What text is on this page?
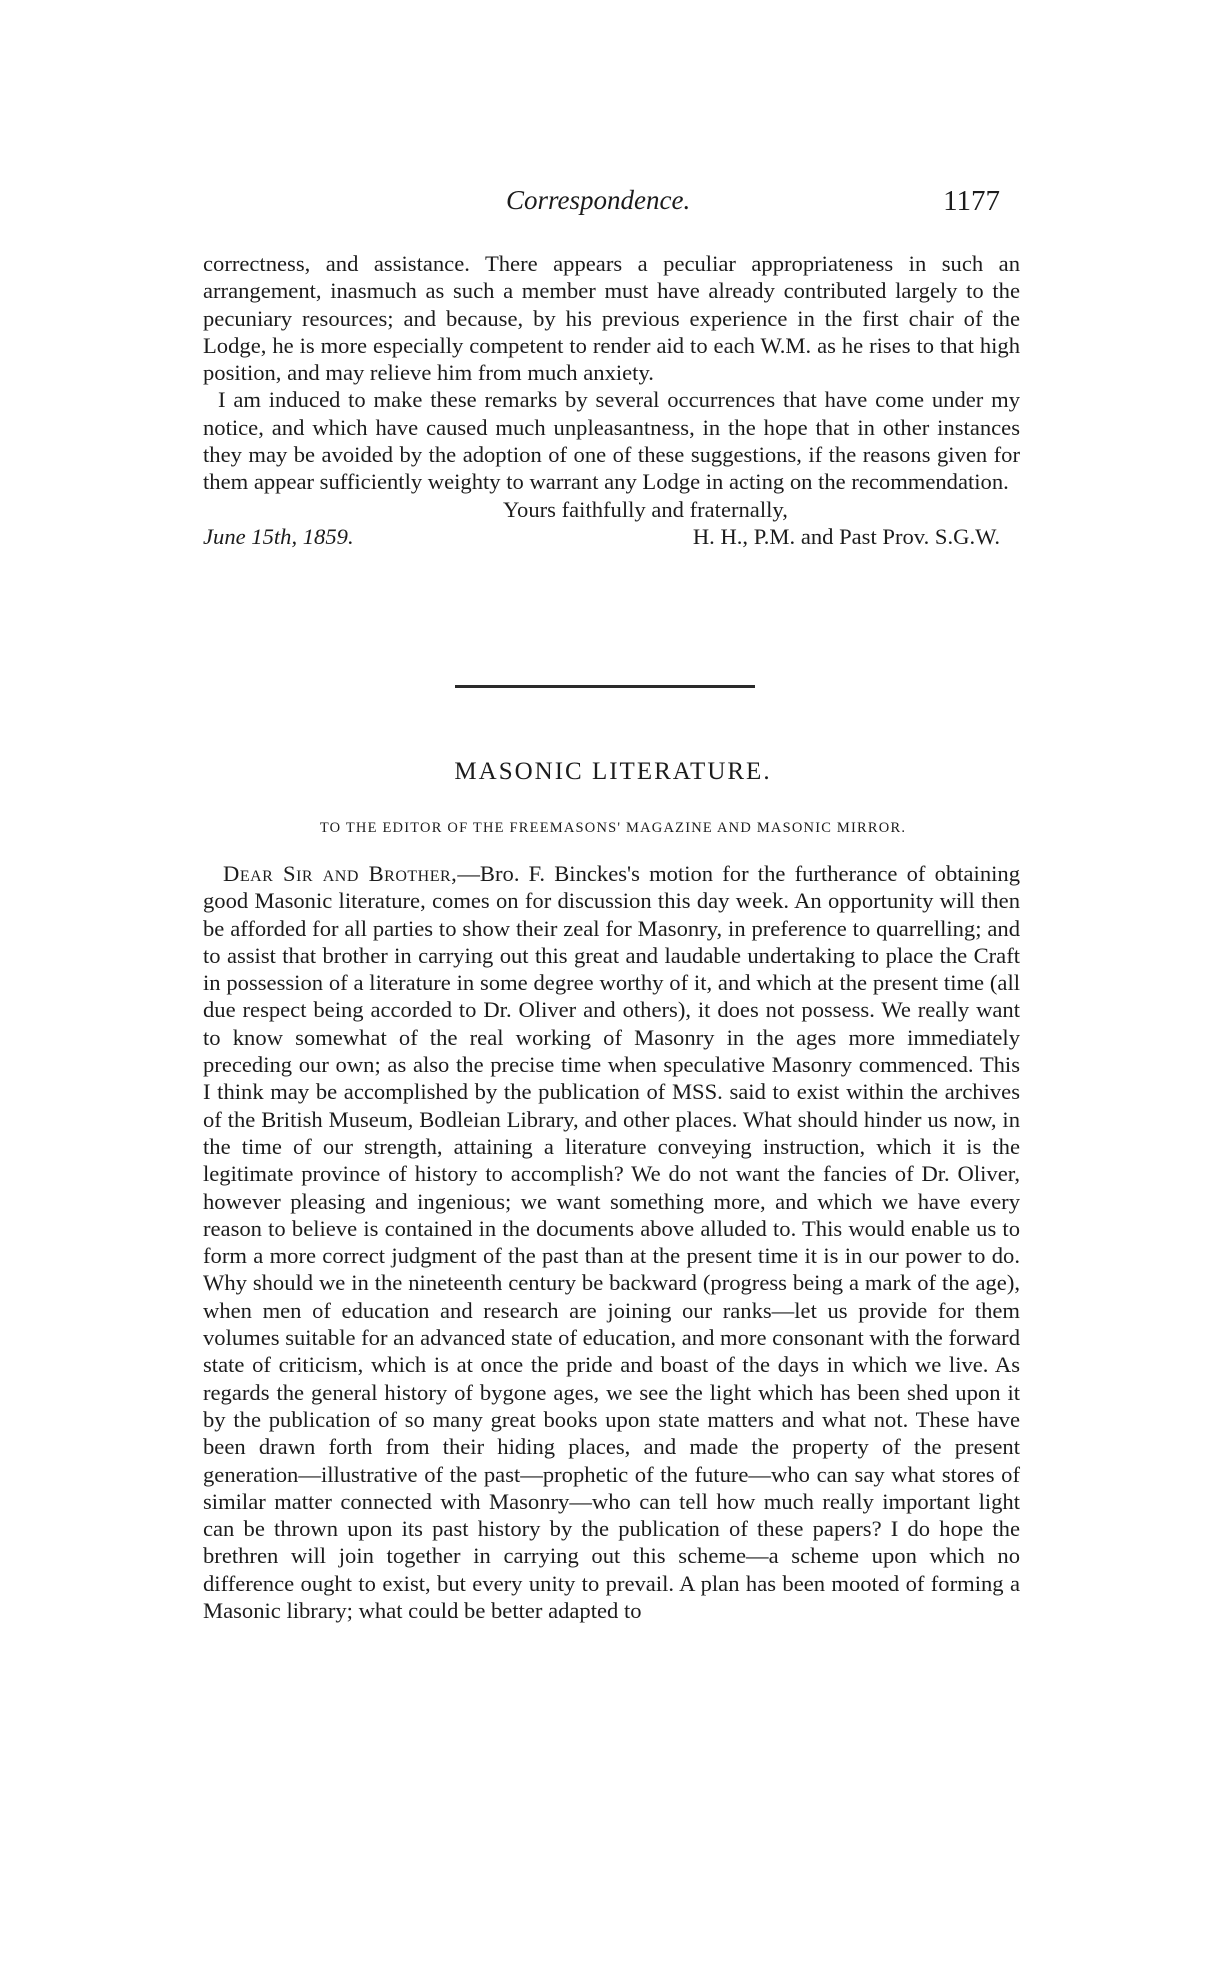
Correspondence.	1177

correctness, and assistance. There appears a peculiar appropriateness in such an arrangement, inasmuch as such a member must have already contributed largely to the pecuniary resources; and because, by his previous experience in the first chair of the Lodge, he is more especially competent to render aid to each W.M. as he rises to that high position, and may relieve him from much anxiety.

I am induced to make these remarks by several occurrences that have come under my notice, and which have caused much unpleasantness, in the hope that in other instances they may be avoided by the adoption of one of these suggestions, if the reasons given for them appear sufficiently weighty to warrant any Lodge in acting on the recommendation.

Yours faithfully and fraternally,

June 15th, 1859.	H. H., P.M. and Past Prov. S.G.W.
MASONIC LITERATURE.
TO THE EDITOR OF THE FREEMASONS' MAGAZINE AND MASONIC MIRROR.

Dear Sir and Brother,—Bro. F. Binckes's motion for the furtherance of obtaining good Masonic literature, comes on for discussion this day week. An opportunity will then be afforded for all parties to show their zeal for Masonry, in preference to quarrelling; and to assist that brother in carrying out this great and laudable undertaking to place the Craft in possession of a literature in some degree worthy of it, and which at the present time (all due respect being accorded to Dr. Oliver and others), it does not possess. We really want to know somewhat of the real working of Masonry in the ages more immediately preceding our own; as also the precise time when speculative Masonry commenced. This I think may be accomplished by the publication of MSS. said to exist within the archives of the British Museum, Bodleian Library, and other places. What should hinder us now, in the time of our strength, attaining a literature conveying instruction, which it is the legitimate province of history to accomplish? We do not want the fancies of Dr. Oliver, however pleasing and ingenious; we want something more, and which we have every reason to believe is contained in the documents above alluded to. This would enable us to form a more correct judgment of the past than at the present time it is in our power to do. Why should we in the nineteenth century be backward (progress being a mark of the age), when men of education and research are joining our ranks—let us provide for them volumes suitable for an advanced state of education, and more consonant with the forward state of criticism, which is at once the pride and boast of the days in which we live. As regards the general history of bygone ages, we see the light which has been shed upon it by the publication of so many great books upon state matters and what not. These have been drawn forth from their hiding places, and made the property of the present generation—illustrative of the past—prophetic of the future—who can say what stores of similar matter connected with Masonry—who can tell how much really important light can be thrown upon its past history by the publication of these papers? I do hope the brethren will join together in carrying out this scheme—a scheme upon which no difference ought to exist, but every unity to prevail. A plan has been mooted of forming a Masonic library; what could be better adapted to
